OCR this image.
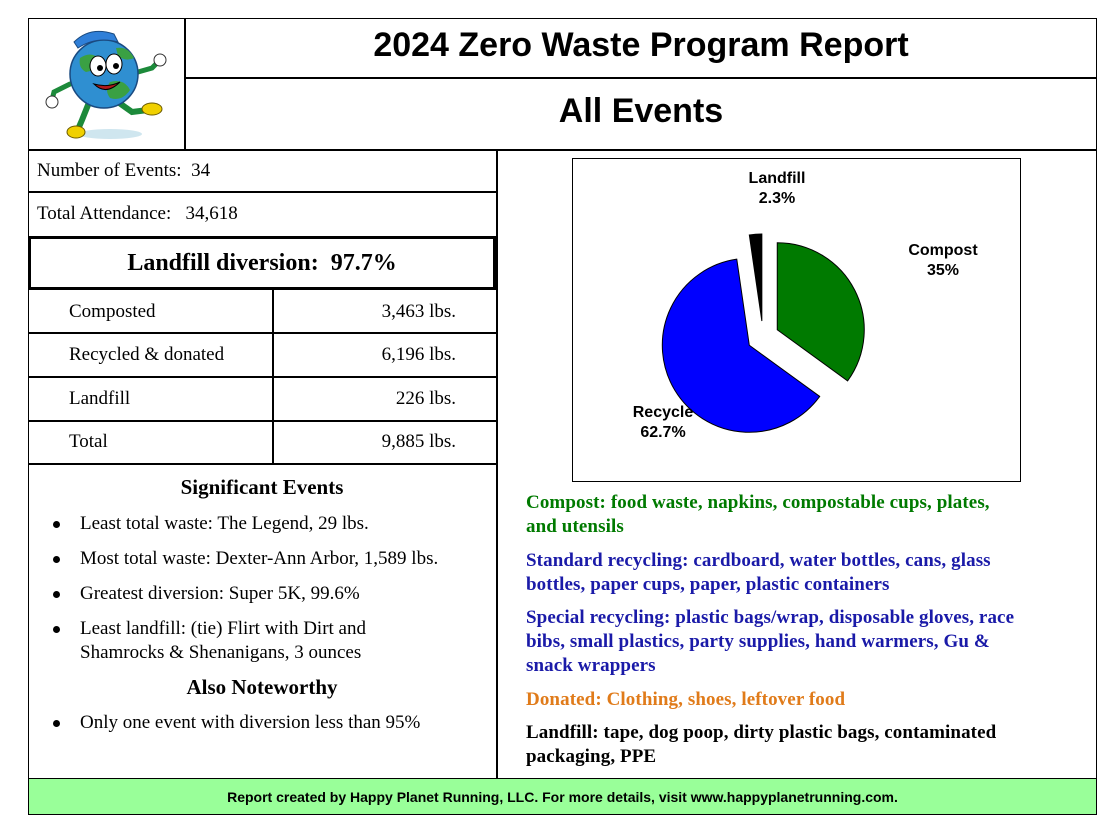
2024 Zero Waste Program Report
All Events
Number of Events: 34
Total Attendance: 34,618
Landfill diversion: 97.7%
Composted	3,463 lbs.
Recycled & donated	6,196 lbs.
Landfill	226 lbs.
Total	9,885 lbs.
Significant Events
Least total waste: The Legend, 29 lbs.
Most total waste: Dexter-Ann Arbor, 1,589 lbs.
Greatest diversion: Super 5K, 99.6%
Least landfill: (tie) Flirt with Dirt and
Shamrocks & Shenanigans, 3 ounces
Also Noteworthy
Only one event with diversion less than 95%
Compost
35%
Recycle
62.7%
Landfill
2.3%
Compost: food waste, napkins, compostable cups, plates,
and utensils
Standard recycling: cardboard, water bottles, cans, glass
bottles, paper cups, paper, plastic containers
Special recycling: plastic bags/wrap, disposable gloves, race
bibs, small plastics, party supplies, hand warmers, Gu &
snack wrappers
Donated: Clothing, shoes, leftover food
Landfill: tape, dog poop, dirty plastic bags, contaminated
packaging, PPE
Report created by Happy Planet Running, LLC. For more details, visit www.happyplanetrunning.com.
